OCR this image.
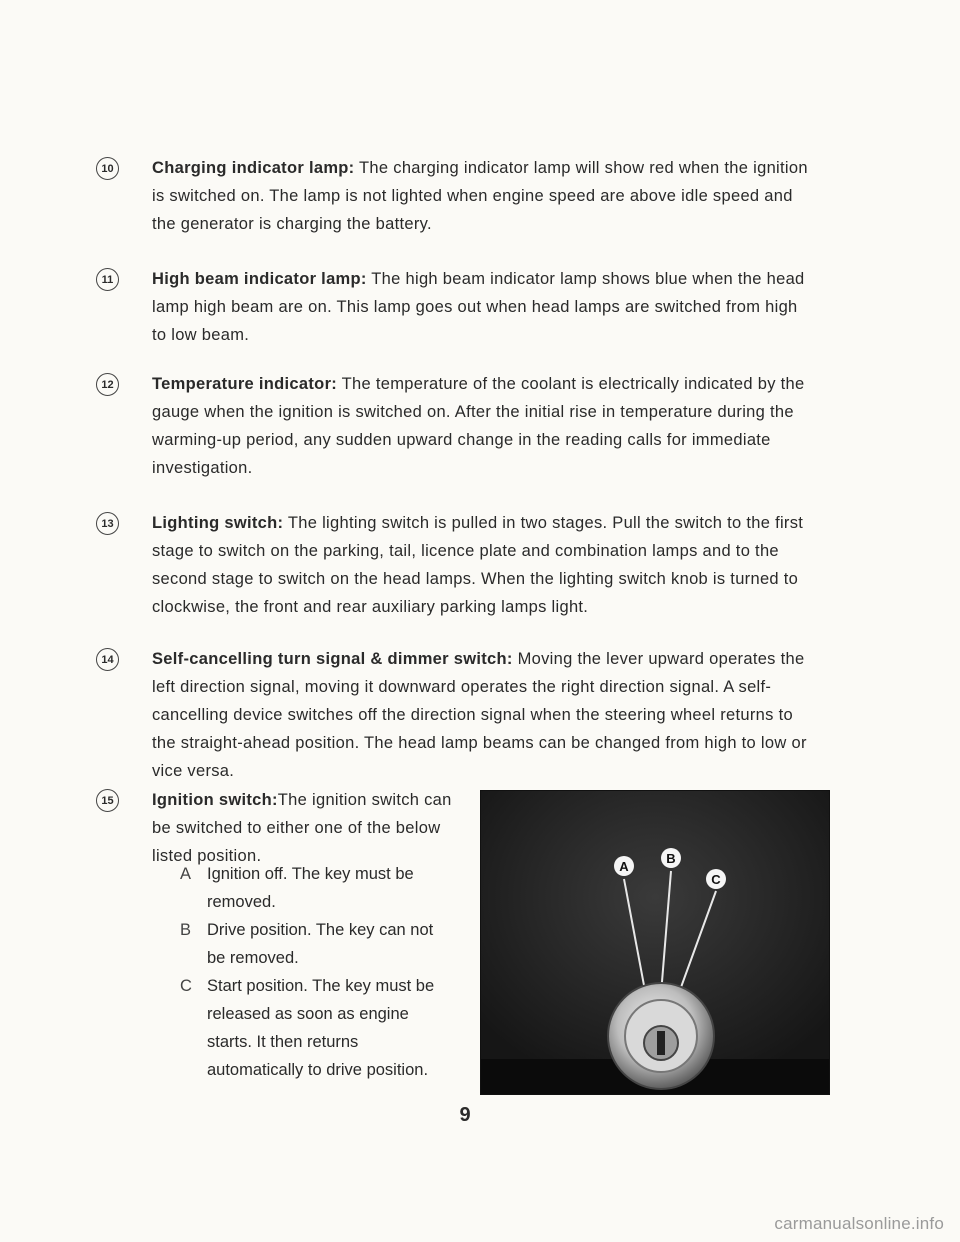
10	Charging indicator lamp: The charging indicator lamp will show red when the ignition is switched on. The lamp is not lighted when engine speed are above idle speed and the generator is charging the battery.
11	High beam indicator lamp: The high beam indicator lamp shows blue when the head lamp high beam are on. This lamp goes out when head lamps are switched from high to low beam.
12	Temperature indicator: The temperature of the coolant is electrically indicated by the gauge when the ignition is switched on. After the initial rise in temperature during the warming-up period, any sudden upward change in the reading calls for immediate investigation.
13	Lighting switch: The lighting switch is pulled in two stages. Pull the switch to the first stage to switch on the parking, tail, licence plate and combination lamps and to the second stage to switch on the head lamps. When the lighting switch knob is turned to clockwise, the front and rear auxiliary parking lamps light.
14	Self-cancelling turn signal & dimmer switch: Moving the lever upward operates the left direction signal, moving it downward operates the right direction signal. A self-cancelling device switches off the direction signal when the steering wheel returns to the straight-ahead position. The head lamp beams can be changed from high to low or vice versa.
15	Ignition switch:The ignition switch can be switched to either one of the below listed position.
A Ignition off. The key must be removed.
B Drive position. The key can not be removed.
C Start position. The key must be released as soon as engine starts. It then returns automatically to drive position.
A
B
C
9
carmanualsonline.info
